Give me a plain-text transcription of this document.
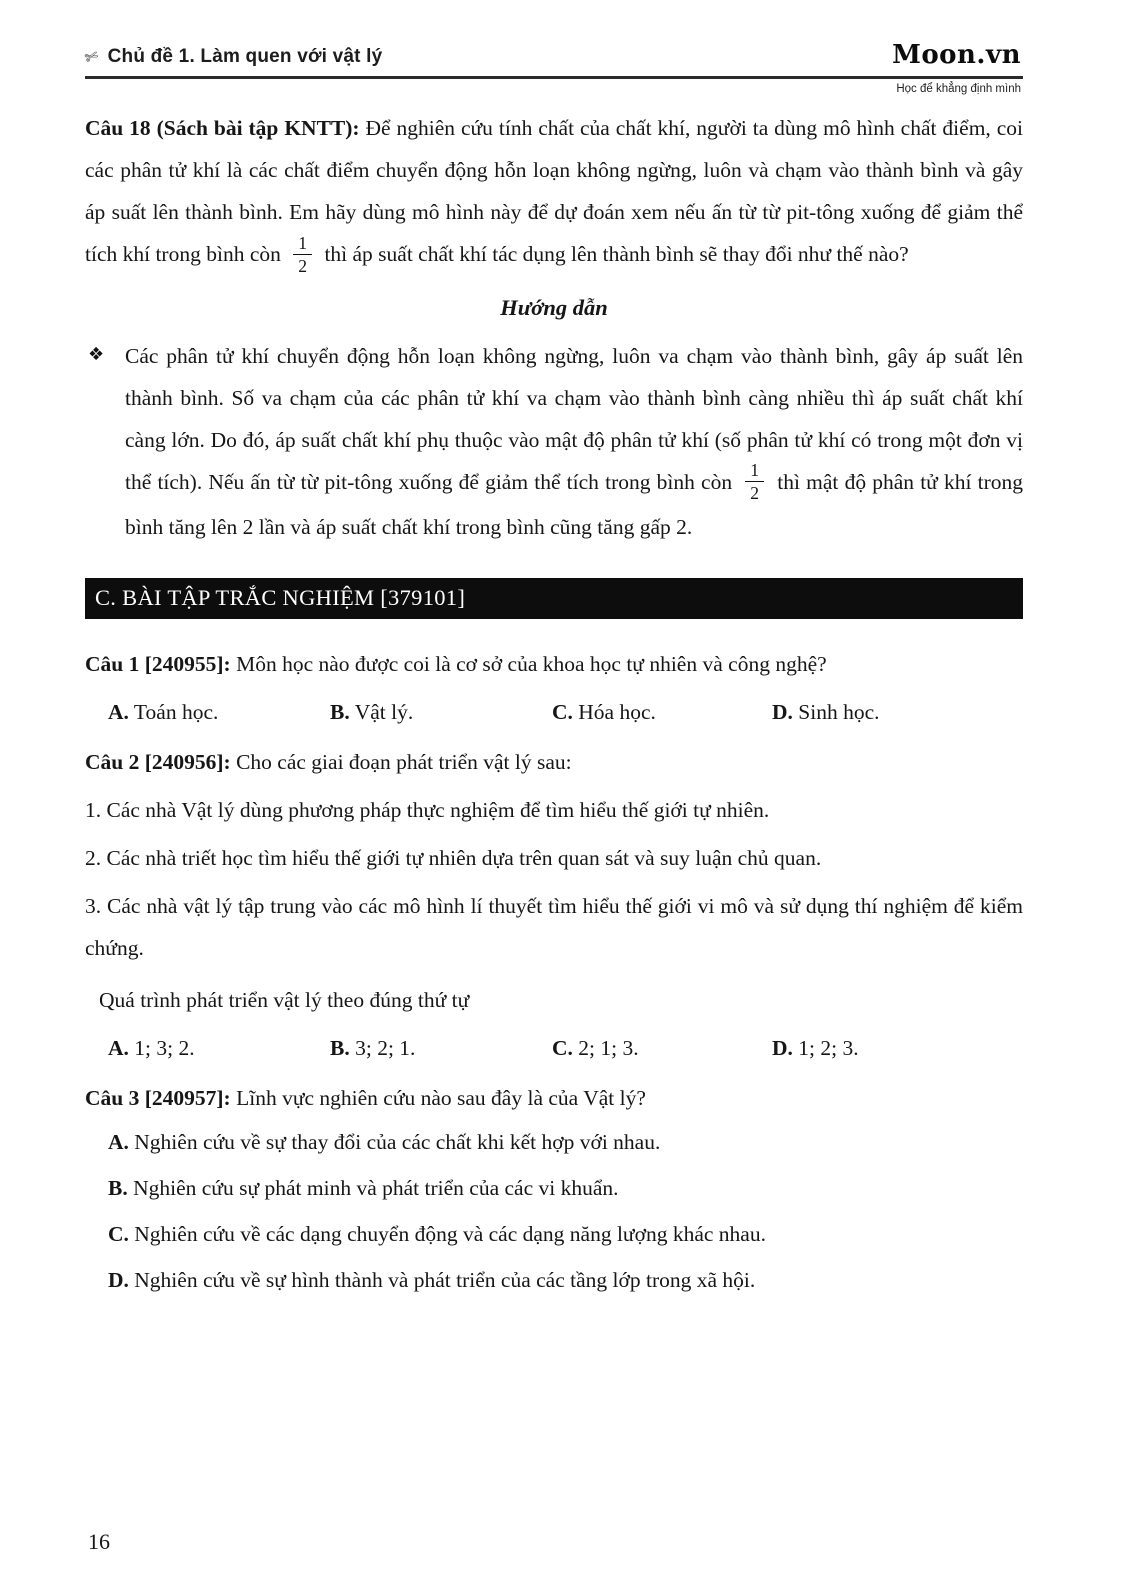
✄ Chủ đề 1. Làm quen với vật lý	Moon.vn
Học để khẳng định mình

Câu 18 (Sách bài tập KNTT): Để nghiên cứu tính chất của chất khí, người ta dùng mô hình chất điểm, coi các phân tử khí là các chất điểm chuyển động hỗn loạn không ngừng, luôn và chạm vào thành bình và gây áp suất lên thành bình. Em hãy dùng mô hình này để dự đoán xem nếu ấn từ từ pit-tông xuống để giảm thể tích khí trong bình còn $\frac{1}{2}$ thì áp suất chất khí tác dụng lên thành bình sẽ thay đổi như thế nào?

Hướng dẫn
❖ Các phân tử khí chuyển động hỗn loạn không ngừng, luôn va chạm vào thành bình, gây áp suất lên thành bình. Số va chạm của các phân tử khí va chạm vào thành bình càng nhiều thì áp suất chất khí càng lớn. Do đó, áp suất chất khí phụ thuộc vào mật độ phân tử khí (số phân tử khí có trong một đơn vị thể tích). Nếu ấn từ từ pit-tông xuống để giảm thể tích trong bình còn $\frac{1}{2}$ thì mật độ phân tử khí trong bình tăng lên 2 lần và áp suất chất khí trong bình cũng tăng gấp 2.

C. BÀI TẬP TRẮC NGHIỆM [379101]

Câu 1 [240955]: Môn học nào được coi là cơ sở của khoa học tự nhiên và công nghệ?

A. Toán học.	B. Vật lý.	C. Hóa học.	D. Sinh học.

Câu 2 [240956]: Cho các giai đoạn phát triển vật lý sau:

1. Các nhà Vật lý dùng phương pháp thực nghiệm để tìm hiểu thế giới tự nhiên.

2. Các nhà triết học tìm hiểu thế giới tự nhiên dựa trên quan sát và suy luận chủ quan.

3. Các nhà vật lý tập trung vào các mô hình lí thuyết tìm hiểu thế giới vi mô và sử dụng thí nghiệm để kiểm chứng.

Quá trình phát triển vật lý theo đúng thứ tự

A. 1; 3; 2.	B. 3; 2; 1.	C. 2; 1; 3.	D. 1; 2; 3.

Câu 3 [240957]: Lĩnh vực nghiên cứu nào sau đây là của Vật lý?

A. Nghiên cứu về sự thay đổi của các chất khi kết hợp với nhau.
B. Nghiên cứu sự phát minh và phát triển của các vi khuẩn.
C. Nghiên cứu về các dạng chuyển động và các dạng năng lượng khác nhau.
D. Nghiên cứu về sự hình thành và phát triển của các tầng lớp trong xã hội.
16
